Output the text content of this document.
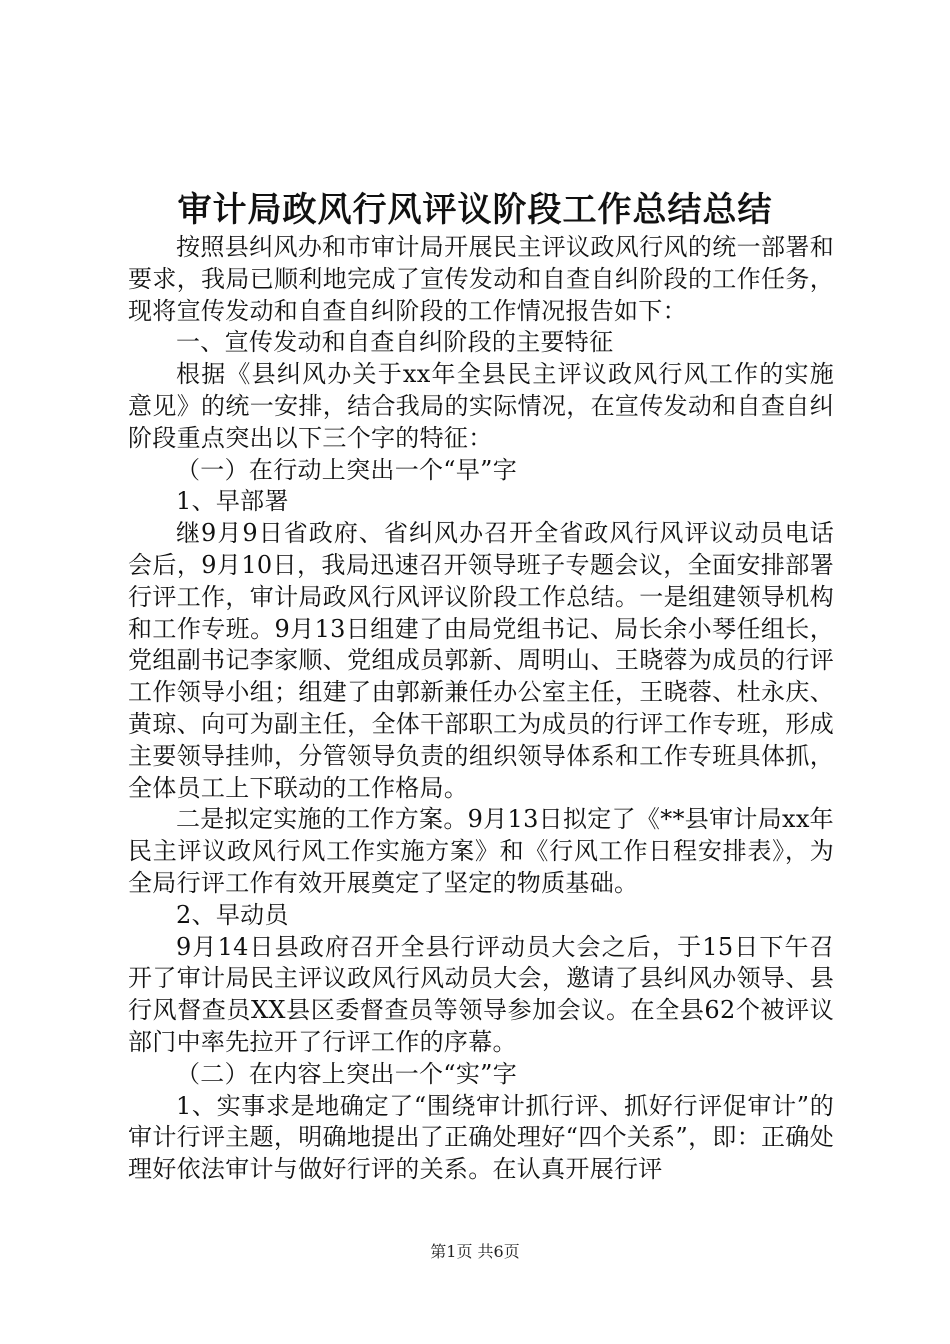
审计局政风行风评议阶段工作总结总结

按照县纠风办和市审计局开展民主评议政风行风的统一部署和要求，我局已顺利地完成了宣传发动和自查自纠阶段的工作任务，现将宣传发动和自查自纠阶段的工作情况报告如下：

一、宣传发动和自查自纠阶段的主要特征

根据《县纠风办关于xx年全县民主评议政风行风工作的实施意见》的统一安排，结合我局的实际情况，在宣传发动和自查自纠阶段重点突出以下三个字的特征：

（一）在行动上突出一个“早”字

1、早部署

继9月9日省政府、省纠风办召开全省政风行风评议动员电话会后，9月10日，我局迅速召开领导班子专题会议，全面安排部署行评工作，审计局政风行风评议阶段工作总结。一是组建领导机构和工作专班。9月13日组建了由局党组书记、局长余小琴任组长，党组副书记李家顺、党组成员郭新、周明山、王晓蓉为成员的行评工作领导小组；组建了由郭新兼任办公室主任，王晓蓉、杜永庆、黄琼、向可为副主任，全体干部职工为成员的行评工作专班，形成主要领导挂帅，分管领导负责的组织领导体系和工作专班具体抓，全体员工上下联动的工作格局。

二是拟定实施的工作方案。9月13日拟定了《**县审计局xx年民主评议政风行风工作实施方案》和《行风工作日程安排表》，为全局行评工作有效开展奠定了坚定的物质基础。

2、早动员

9月14日县政府召开全县行评动员大会之后，于15日下午召开了审计局民主评议政风行风动员大会，邀请了县纠风办领导、县行风督查员XX县区委督查员等领导参加会议。在全县62个被评议部门中率先拉开了行评工作的序幕。

（二）在内容上突出一个“实”字

1、实事求是地确定了“围绕审计抓行评、抓好行评促审计”的审计行评主题，明确地提出了正确处理好“四个关系”，即：正确处理好依法审计与做好行评的关系。在认真开展行评

第1页 共6页
